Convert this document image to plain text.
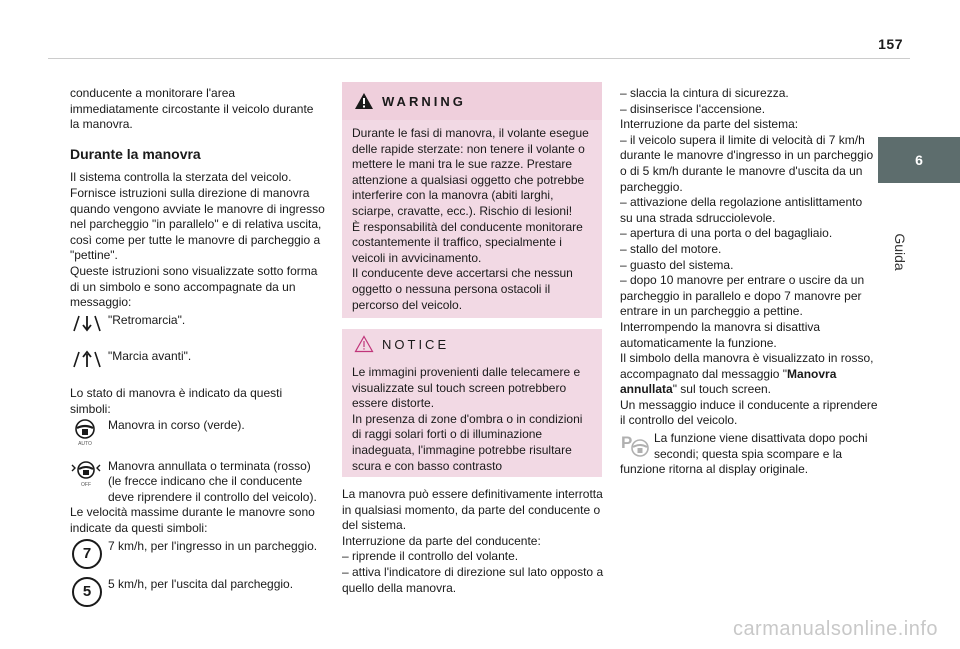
157
6
Guida

conducente a monitorare l'area immediatamente circostante il veicolo durante la manovra.

Durante la manovra

Il sistema controlla la sterzata del veicolo. Fornisce istruzioni sulla direzione di manovra quando vengono avviate le manovre di ingresso nel parcheggio "in parallelo" e di relativa uscita, così come per tutte le manovre di parcheggio a "pettine".

Queste istruzioni sono visualizzate sotto forma di un simbolo e sono accompagnate da un messaggio:

"Retromarcia".
"Marcia avanti".

Lo stato di manovra è indicato da questi simboli:

AUTO
Manovra in corso (verde).
OFF
Manovra annullata o terminata (rosso) (le frecce indicano che il conducente deve riprendere il controllo del veicolo).

Le velocità massime durante le manovre sono indicate da questi simboli:

7	7 km/h, per l'ingresso in un parcheggio.
5	5 km/h, per l'uscita dal parcheggio.
WARNING

Durante le fasi di manovra, il volante esegue delle rapide sterzate: non tenere il volante o mettere le mani tra le sue razze. Prestare attenzione a qualsiasi oggetto che potrebbe interferire con la manovra (abiti larghi, sciarpe, cravatte, ecc.). Rischio di lesioni!

È responsabilità del conducente monitorare costantemente il traffico, specialmente i veicoli in avvicinamento.

Il conducente deve accertarsi che nessun oggetto o nessuna persona ostacoli il percorso del veicolo.

NOTICE

Le immagini provenienti dalle telecamere e visualizzate sul touch screen potrebbero essere distorte.

In presenza di zone d'ombra o in condizioni di raggi solari forti o di illuminazione inadeguata, l'immagine potrebbe risultare scura e con basso contrasto

La manovra può essere definitivamente interrotta in qualsiasi momento, da parte del conducente o del sistema.

Interruzione da parte del conducente:

– riprende il controllo del volante.

– attiva l'indicatore di direzione sul lato opposto a quello della manovra.

– slaccia la cintura di sicurezza.

– disinserisce l'accensione.

Interruzione da parte del sistema:

– il veicolo supera il limite di velocità di 7 km/h durante le manovre d'ingresso in un parcheggio o di 5 km/h durante le manovre d'uscita da un parcheggio.

– attivazione della regolazione antislittamento su una strada sdrucciolevole.

– apertura di una porta o del bagagliaio.

– stallo del motore.

– guasto del sistema.

– dopo 10 manovre per entrare o uscire da un parcheggio in parallelo e dopo 7 manovre per entrare in un parcheggio a pettine.

Interrompendo la manovra si disattiva automaticamente la funzione.

Il simbolo della manovra è visualizzato in rosso, accompagnato dal messaggio "Manovra annullata" sul touch screen.

Un messaggio induce il conducente a riprendere il controllo del veicolo.

P	La funzione viene disattivata dopo pochi secondi; questa spia scompare e la funzione ritorna al display originale.
carmanualsonline.info
